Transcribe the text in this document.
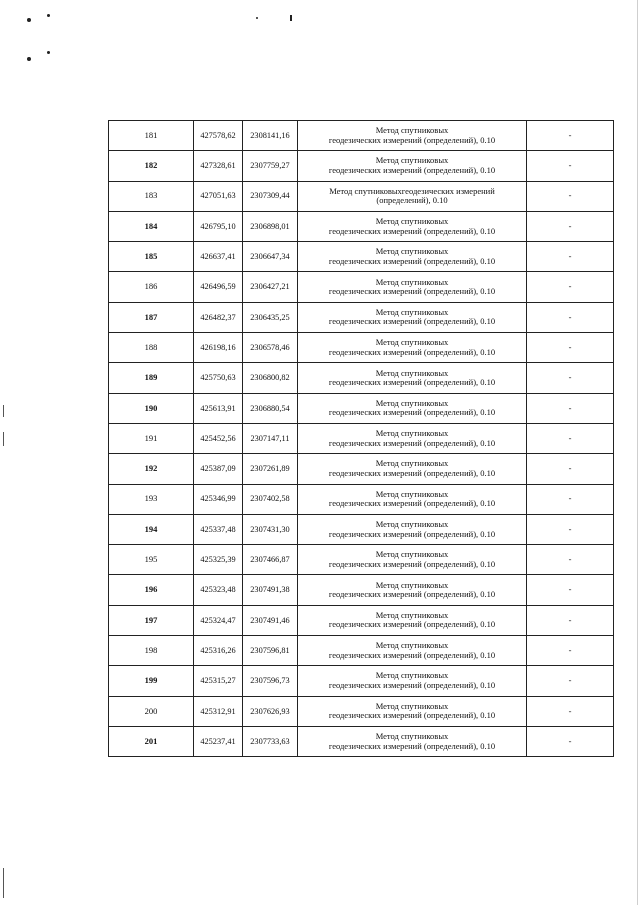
181	427578,62	2308141,16	Метод спутниковых
геодезических измерений (определений), 0.10	-
182	427328,61	2307759,27	Метод спутниковых
геодезических измерений (определений), 0.10	-
183	427051,63	2307309,44	Метод спутниковыхгеодезических измерений
(определений), 0.10	-
184	426795,10	2306898,01	Метод спутниковых
геодезических измерений (определений), 0.10	-
185	426637,41	2306647,34	Метод спутниковых
геодезических измерений (определений), 0.10	-
186	426496,59	2306427,21	Метод спутниковых
геодезических измерений (определений), 0.10	-
187	426482,37	2306435,25	Метод спутниковых
геодезических измерений (определений), 0.10	-
188	426198,16	2306578,46	Метод спутниковых
геодезических измерений (определений), 0.10	-
189	425750,63	2306800,82	Метод спутниковых
геодезических измерений (определений), 0.10	-
190	425613,91	2306880,54	Метод спутниковых
геодезических измерений (определений), 0.10	-
191	425452,56	2307147,11	Метод спутниковых
геодезических измерений (определений), 0.10	-
192	425387,09	2307261,89	Метод спутниковых
геодезических измерений (определений), 0.10	-
193	425346,99	2307402,58	Метод спутниковых
геодезических измерений (определений), 0.10	-
194	425337,48	2307431,30	Метод спутниковых
геодезических измерений (определений), 0.10	-
195	425325,39	2307466,87	Метод спутниковых
геодезических измерений (определений), 0.10	-
196	425323,48	2307491,38	Метод спутниковых
геодезических измерений (определений), 0.10	-
197	425324,47	2307491,46	Метод спутниковых
геодезических измерений (определений), 0.10	-
198	425316,26	2307596,81	Метод спутниковых
геодезических измерений (определений), 0.10	-
199	425315,27	2307596,73	Метод спутниковых
геодезических измерений (определений), 0.10	-
200	425312,91	2307626,93	Метод спутниковых
геодезических измерений (определений), 0.10	-
201	425237,41	2307733,63	Метод спутниковых
геодезических измерений (определений), 0.10	-
